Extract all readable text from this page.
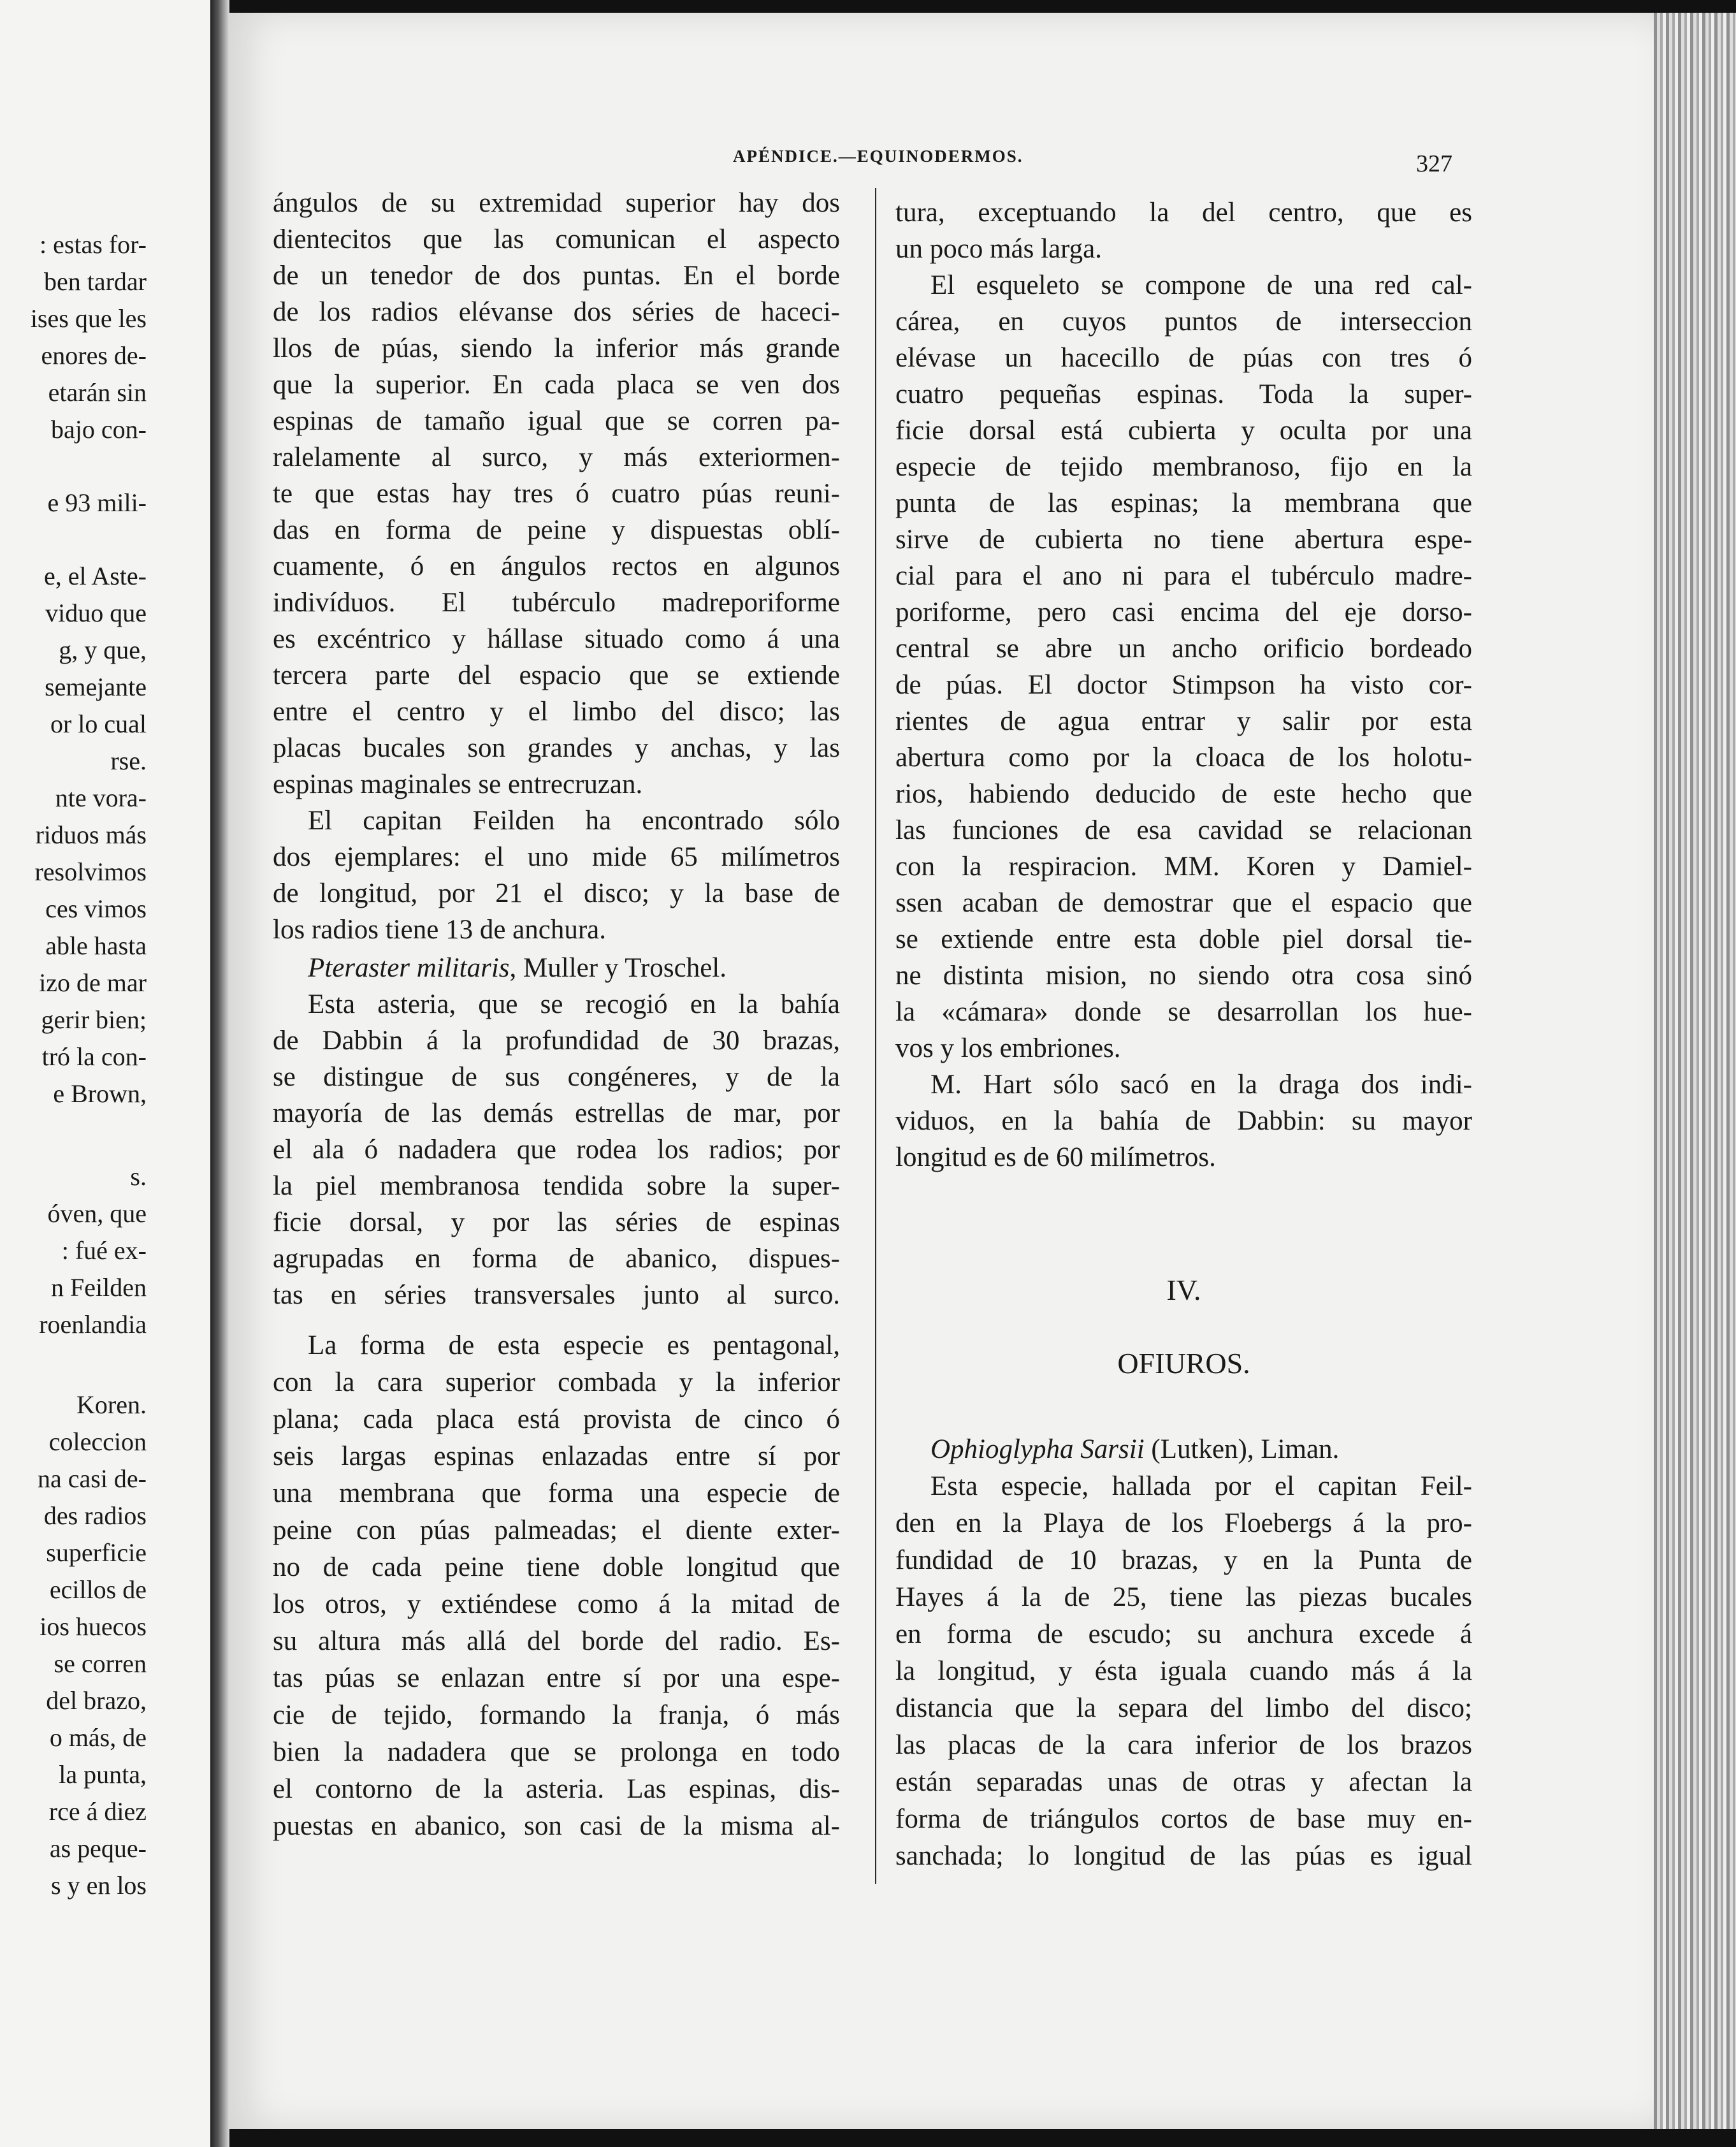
: estas for-
ben tardar
ises que les
enores de-
etarán sin
bajo con-
e 93 mili-
e, el Aste-
viduo que
g, y que,
semejante
or lo cual
rse.
nte vora-
riduos más
resolvimos
ces vimos
able hasta
izo de mar
gerir bien;
tró la con-
e Brown,
s.
óven, que
: fué ex-
n Feilden
roenlandia
Koren.
coleccion
na casi de-
des radios
superficie
ecillos de
ios huecos
se corren
del brazo,
o más, de
la punta,
rce á diez
as peque-
s y en los
APÉNDICE.—EQUINODERMOS.	327
ángulos de su extremidad superior hay dos
dientecitos que las comunican el aspecto
de un tenedor de dos puntas. En el borde
de los radios elévanse dos séries de haceci-
llos de púas, siendo la inferior más grande
que la superior. En cada placa se ven dos
espinas de tamaño igual que se corren pa-
ralelamente al surco, y más exteriormen-
te que estas hay tres ó cuatro púas reuni-
das en forma de peine y dispuestas oblí-
cuamente, ó en ángulos rectos en algunos
indivíduos. El tubérculo madreporiforme
es excéntrico y hállase situado como á una
tercera parte del espacio que se extiende
entre el centro y el limbo del disco; las
placas bucales son grandes y anchas, y las
espinas maginales se entrecruzan.
El capitan Feilden ha encontrado sólo
dos ejemplares: el uno mide 65 milímetros
de longitud, por 21 el disco; y la base de
los radios tiene 13 de anchura.
Pteraster militaris, Muller y Troschel.
Esta asteria, que se recogió en la bahía
de Dabbin á la profundidad de 30 brazas,
se distingue de sus congéneres, y de la
mayoría de las demás estrellas de mar, por
el ala ó nadadera que rodea los radios; por
la piel membranosa tendida sobre la super-
ficie dorsal, y por las séries de espinas
agrupadas en forma de abanico, dispues-
tas en séries transversales junto al surco.
La forma de esta especie es pentagonal,
con la cara superior combada y la inferior
plana; cada placa está provista de cinco ó
seis largas espinas enlazadas entre sí por
una membrana que forma una especie de
peine con púas palmeadas; el diente exter-
no de cada peine tiene doble longitud que
los otros, y extiéndese como á la mitad de
su altura más allá del borde del radio. Es-
tas púas se enlazan entre sí por una espe-
cie de tejido, formando la franja, ó más
bien la nadadera que se prolonga en todo
el contorno de la asteria. Las espinas, dis-
puestas en abanico, son casi de la misma al-
tura, exceptuando la del centro, que es
un poco más larga.
El esqueleto se compone de una red cal-
cárea, en cuyos puntos de interseccion
elévase un hacecillo de púas con tres ó
cuatro pequeñas espinas. Toda la super-
ficie dorsal está cubierta y oculta por una
especie de tejido membranoso, fijo en la
punta de las espinas; la membrana que
sirve de cubierta no tiene abertura espe-
cial para el ano ni para el tubérculo madre-
poriforme, pero casi encima del eje dorso-
central se abre un ancho orificio bordeado
de púas. El doctor Stimpson ha visto cor-
rientes de agua entrar y salir por esta
abertura como por la cloaca de los holotu-
rios, habiendo deducido de este hecho que
las funciones de esa cavidad se relacionan
con la respiracion. MM. Koren y Damiel-
ssen acaban de demostrar que el espacio que
se extiende entre esta doble piel dorsal tie-
ne distinta mision, no siendo otra cosa sinó
la «cámara» donde se desarrollan los hue-
vos y los embriones.
M. Hart sólo sacó en la draga dos indi-
viduos, en la bahía de Dabbin: su mayor
longitud es de 60 milímetros.
IV.
OFIUROS.
Ophioglypha Sarsii (Lutken), Liman.
Esta especie, hallada por el capitan Feil-
den en la Playa de los Floebergs á la pro-
fundidad de 10 brazas, y en la Punta de
Hayes á la de 25, tiene las piezas bucales
en forma de escudo; su anchura excede á
la longitud, y ésta iguala cuando más á la
distancia que la separa del limbo del disco;
las placas de la cara inferior de los brazos
están separadas unas de otras y afectan la
forma de triángulos cortos de base muy en-
sanchada; lo longitud de las púas es igual
